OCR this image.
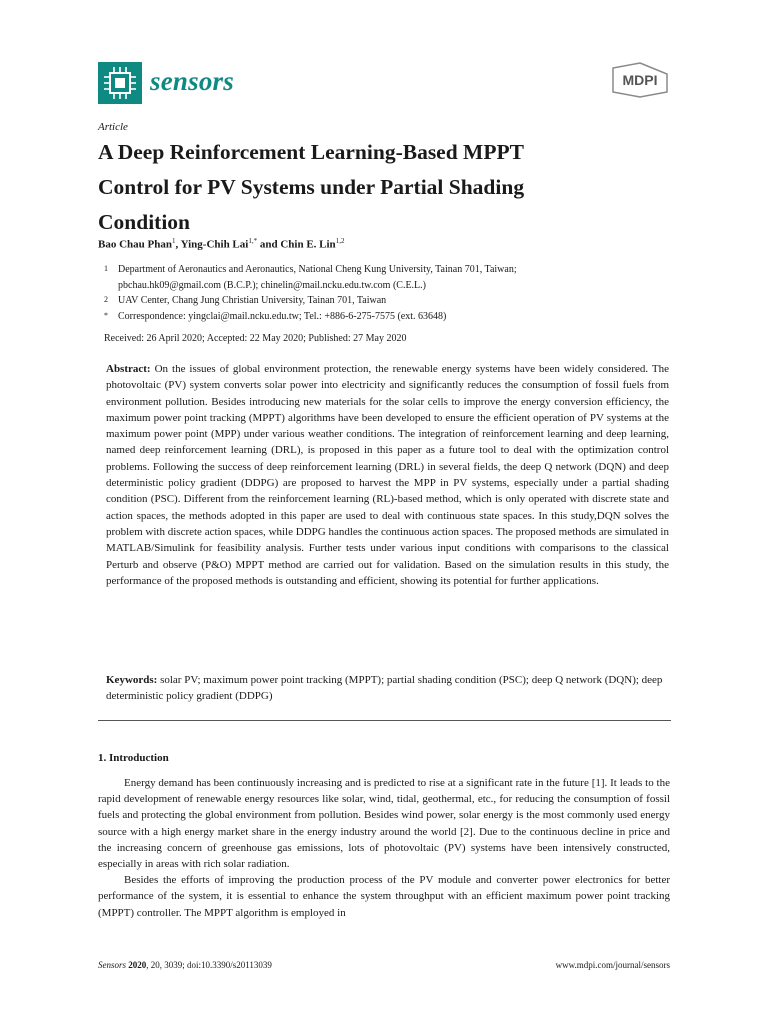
sensors	MDPI
Article
A Deep Reinforcement Learning-Based MPPT
Control for PV Systems under Partial Shading
Condition
Bao Chau Phan$^1$, Ying-Chih Lai$^{1,*}$ and Chin E. Lin$^{1,2}$
1 Department of Aeronautics and Aeronautics, National Cheng Kung University, Tainan 701, Taiwan;
pbchau.hk09@gmail.com (B.C.P.); chinelin@mail.ncku.edu.tw.com (C.E.L.)
2 UAV Center, Chang Jung Christian University, Tainan 701, Taiwan
* Correspondence: yingclai@mail.ncku.edu.tw; Tel.: +886-6-275-7575 (ext. 63648)
Received: 26 April 2020; Accepted: 22 May 2020; Published: 27 May 2020
Abstract: On the issues of global environment protection, the renewable energy systems have been widely considered. The photovoltaic (PV) system converts solar power into electricity and significantly reduces the consumption of fossil fuels from environment pollution. Besides introducing new materials for the solar cells to improve the energy conversion efficiency, the maximum power point tracking (MPPT) algorithms have been developed to ensure the efficient operation of PV systems at the maximum power point (MPP) under various weather conditions. The integration of reinforcement learning and deep learning, named deep reinforcement learning (DRL), is proposed in this paper as a future tool to deal with the optimization control problems. Following the success of deep reinforcement learning (DRL) in several fields, the deep Q network (DQN) and deep deterministic policy gradient (DDPG) are proposed to harvest the MPP in PV systems, especially under a partial shading condition (PSC). Different from the reinforcement learning (RL)-based method, which is only operated with discrete state and action spaces, the methods adopted in this paper are used to deal with continuous state spaces. In this study,DQN solves the problem with discrete action spaces, while DDPG handles the continuous action spaces. The proposed methods are simulated in MATLAB/Simulink for feasibility analysis. Further tests under various input conditions with comparisons to the classical Perturb and observe (P&O) MPPT method are carried out for validation. Based on the simulation results in this study, the performance of the proposed methods is outstanding and efficient, showing its potential for further applications.
Keywords: solar PV; maximum power point tracking (MPPT); partial shading condition (PSC); deep Q network (DQN); deep deterministic policy gradient (DDPG)
1. Introduction

Energy demand has been continuously increasing and is predicted to rise at a significant rate in the future [1]. It leads to the rapid development of renewable energy resources like solar, wind, tidal, geothermal, etc., for reducing the consumption of fossil fuels and protecting the global environment from pollution. Besides wind power, solar energy is the most commonly used energy source with a high energy market share in the energy industry around the world [2]. Due to the continuous decline in price and the increasing concern of greenhouse gas emissions, lots of photovoltaic (PV) systems have been intensively constructed, especially in areas with rich solar radiation.

Besides the efforts of improving the production process of the PV module and converter power electronics for better performance of the system, it is essential to enhance the system throughput with an efficient maximum power point tracking (MPPT) controller. The MPPT algorithm is employed in

Sensors 2020, 20, 3039; doi:10.3390/s20113039	www.mdpi.com/journal/sensors
